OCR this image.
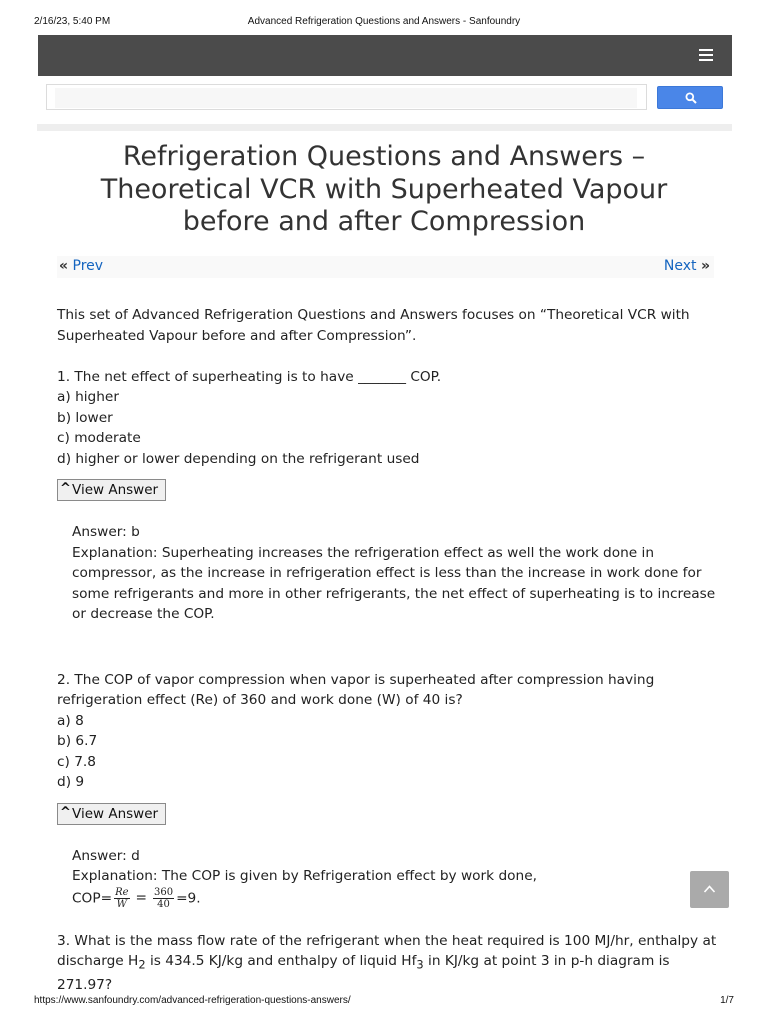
2/16/23, 5:40 PM	Advanced Refrigeration Questions and Answers - Sanfoundry
Refrigeration Questions and Answers – Theoretical VCR with Superheated Vapour before and after Compression
« Prev	Next »

This set of Advanced Refrigeration Questions and Answers focuses on “Theoretical VCR with Superheated Vapour before and after Compression”.

1. The net effect of superheating is to have _______ COP.

a) higher
b) lower
c) moderate
d) higher or lower depending on the refrigerant used
^ View Answer

Answer: b

Explanation: Superheating increases the refrigeration effect as well the work done in compressor, as the increase in refrigeration effect is less than the increase in work done for some refrigerants and more in other refrigerants, the net effect of superheating is to increase or decrease the COP.

2. The COP of vapor compression when vapor is superheated after compression having refrigeration effect (Re) of 360 and work done (W) of 40 is?

a) 8
b) 6.7
c) 7.8
d) 9
^ View Answer

Answer: d

Explanation: The COP is given by Refrigeration effect by work done,

$COP= \frac{Re}{W} = \frac{360}{40} =9$.

3. What is the mass flow rate of the refrigerant when the heat required is 100 MJ/hr, enthalpy at discharge $H_2$ is 434.5 KJ/kg and enthalpy of liquid $Hf_3$ in KJ/kg at point 3 in p-h diagram is 271.97?

https://www.sanfoundry.com/advanced-refrigeration-questions-answers/	1/7
